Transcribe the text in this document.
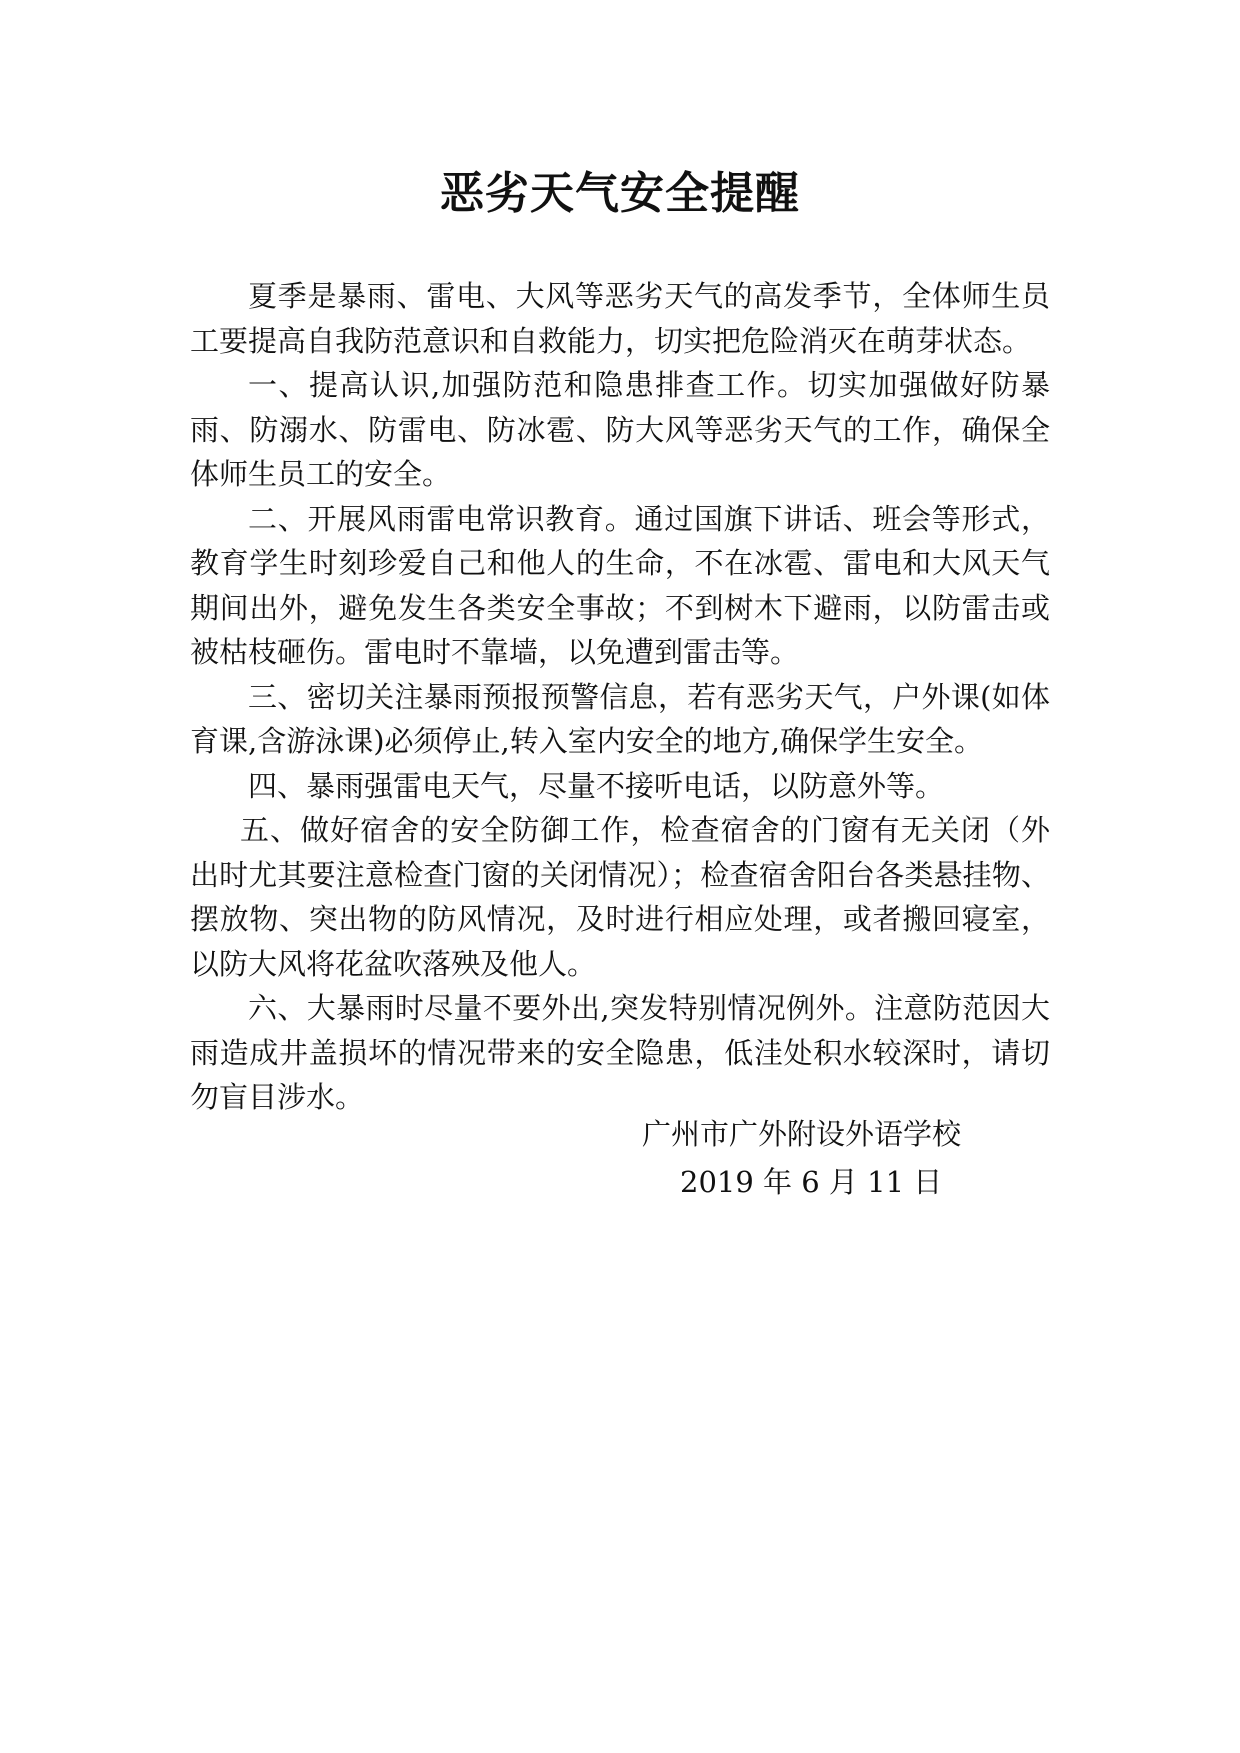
恶劣天气安全提醒

夏季是暴雨、雷电、大风等恶劣天气的高发季节，全体师生员工要提高自我防范意识和自救能力，切实把危险消灭在萌芽状态。

一、提高认识,加强防范和隐患排查工作。切实加强做好防暴雨、防溺水、防雷电、防冰雹、防大风等恶劣天气的工作，确保全体师生员工的安全。

二、开展风雨雷电常识教育。通过国旗下讲话、班会等形式，教育学生时刻珍爱自己和他人的生命，不在冰雹、雷电和大风天气期间出外，避免发生各类安全事故；不到树木下避雨，以防雷击或被枯枝砸伤。雷电时不靠墙，以免遭到雷击等。

三、密切关注暴雨预报预警信息，若有恶劣天气，户外课(如体育课,含游泳课)必须停止,转入室内安全的地方,确保学生安全。

四、暴雨强雷电天气，尽量不接听电话，以防意外等。

五、做好宿舍的安全防御工作，检查宿舍的门窗有无关闭（外出时尤其要注意检查门窗的关闭情况）；检查宿舍阳台各类悬挂物、摆放物、突出物的防风情况，及时进行相应处理，或者搬回寝室，以防大风将花盆吹落殃及他人。

六、大暴雨时尽量不要外出,突发特别情况例外。注意防范因大雨造成井盖损坏的情况带来的安全隐患，低洼处积水较深时，请切勿盲目涉水。

广州市广外附设外语学校
2019 年 6 月 11 日
